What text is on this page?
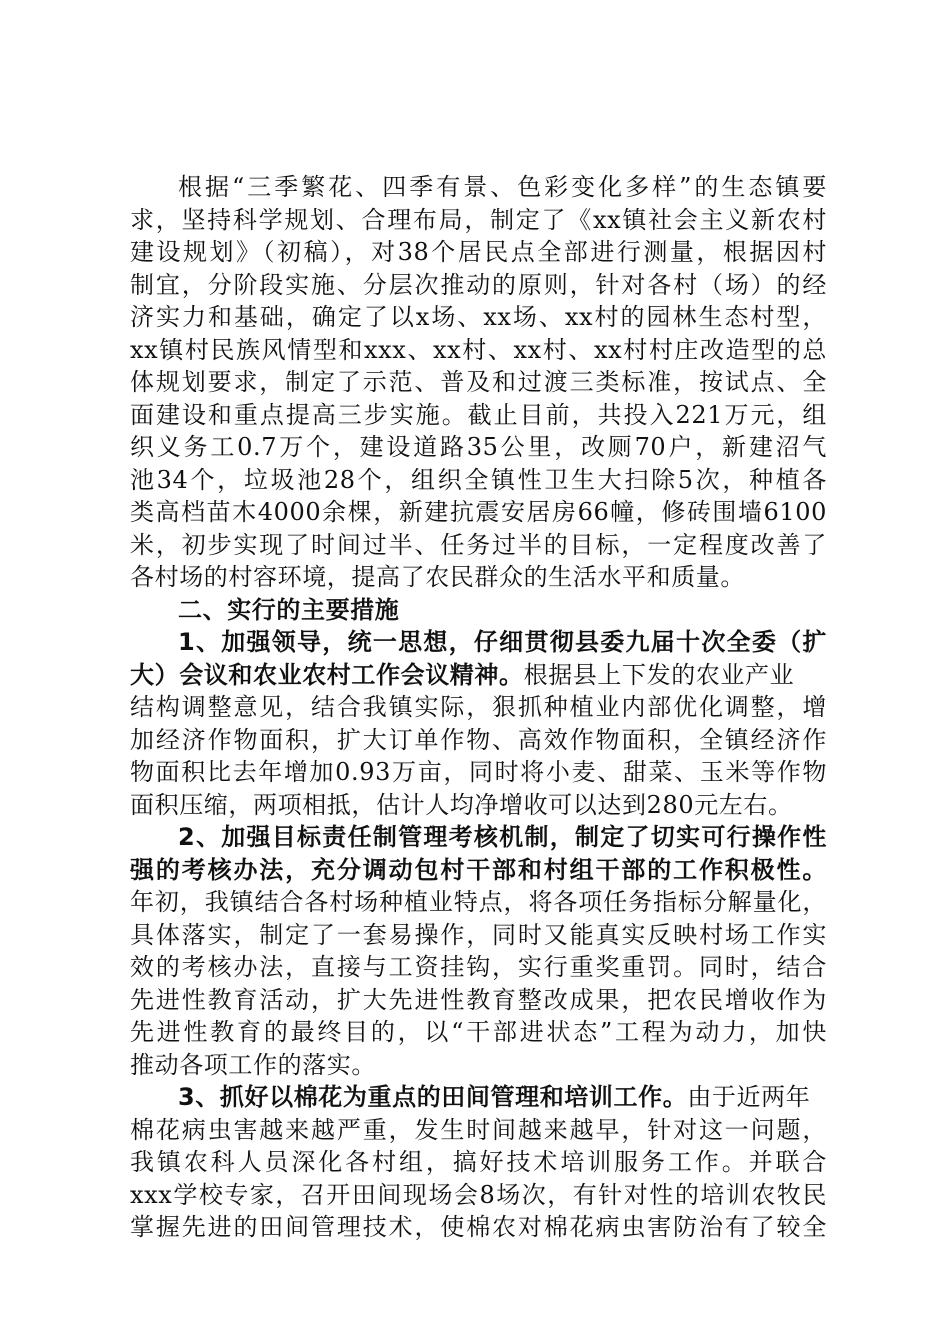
根据“三季繁花、四季有景、色彩变化多样”的生态镇要
求，坚持科学规划、合理布局，制定了《xx镇社会主义新农村
建设规划》（初稿），对38个居民点全部进行测量，根据因村
制宜，分阶段实施、分层次推动的原则，针对各村（场）的经
济实力和基础，确定了以x场、xx场、xx村的园林生态村型，
xx镇村民族风情型和xxx、xx村、xx村、xx村村庄改造型的总
体规划要求，制定了示范、普及和过渡三类标准，按试点、全
面建设和重点提高三步实施。截止目前，共投入221万元，组
织义务工0.7万个，建设道路35公里，改厕70户，新建沼气
池34个，垃圾池28个，组织全镇性卫生大扫除5次，种植各
类高档苗木4000余棵，新建抗震安居房66幢，修砖围墙6100
米，初步实现了时间过半、任务过半的目标，一定程度改善了
各村场的村容环境，提高了农民群众的生活水平和质量。
二、实行的主要措施
1、加强领导，统一思想，仔细贯彻县委九届十次全委（扩
大）会议和农业农村工作会议精神。根据县上下发的农业产业
结构调整意见，结合我镇实际，狠抓种植业内部优化调整，增
加经济作物面积，扩大订单作物、高效作物面积，全镇经济作
物面积比去年增加0.93万亩，同时将小麦、甜菜、玉米等作物
面积压缩，两项相抵，估计人均净增收可以达到280元左右。
2、加强目标责任制管理考核机制，制定了切实可行操作性
强的考核办法，充分调动包村干部和村组干部的工作积极性。
年初，我镇结合各村场种植业特点，将各项任务指标分解量化，
具体落实，制定了一套易操作，同时又能真实反映村场工作实
效的考核办法，直接与工资挂钩，实行重奖重罚。同时，结合
先进性教育活动，扩大先进性教育整改成果，把农民增收作为
先进性教育的最终目的，以“干部进状态”工程为动力，加快
推动各项工作的落实。
3、抓好以棉花为重点的田间管理和培训工作。由于近两年
棉花病虫害越来越严重，发生时间越来越早，针对这一问题，
我镇农科人员深化各村组，搞好技术培训服务工作。并联合
xxx学校专家，召开田间现场会8场次，有针对性的培训农牧民
掌握先进的田间管理技术，使棉农对棉花病虫害防治有了较全
